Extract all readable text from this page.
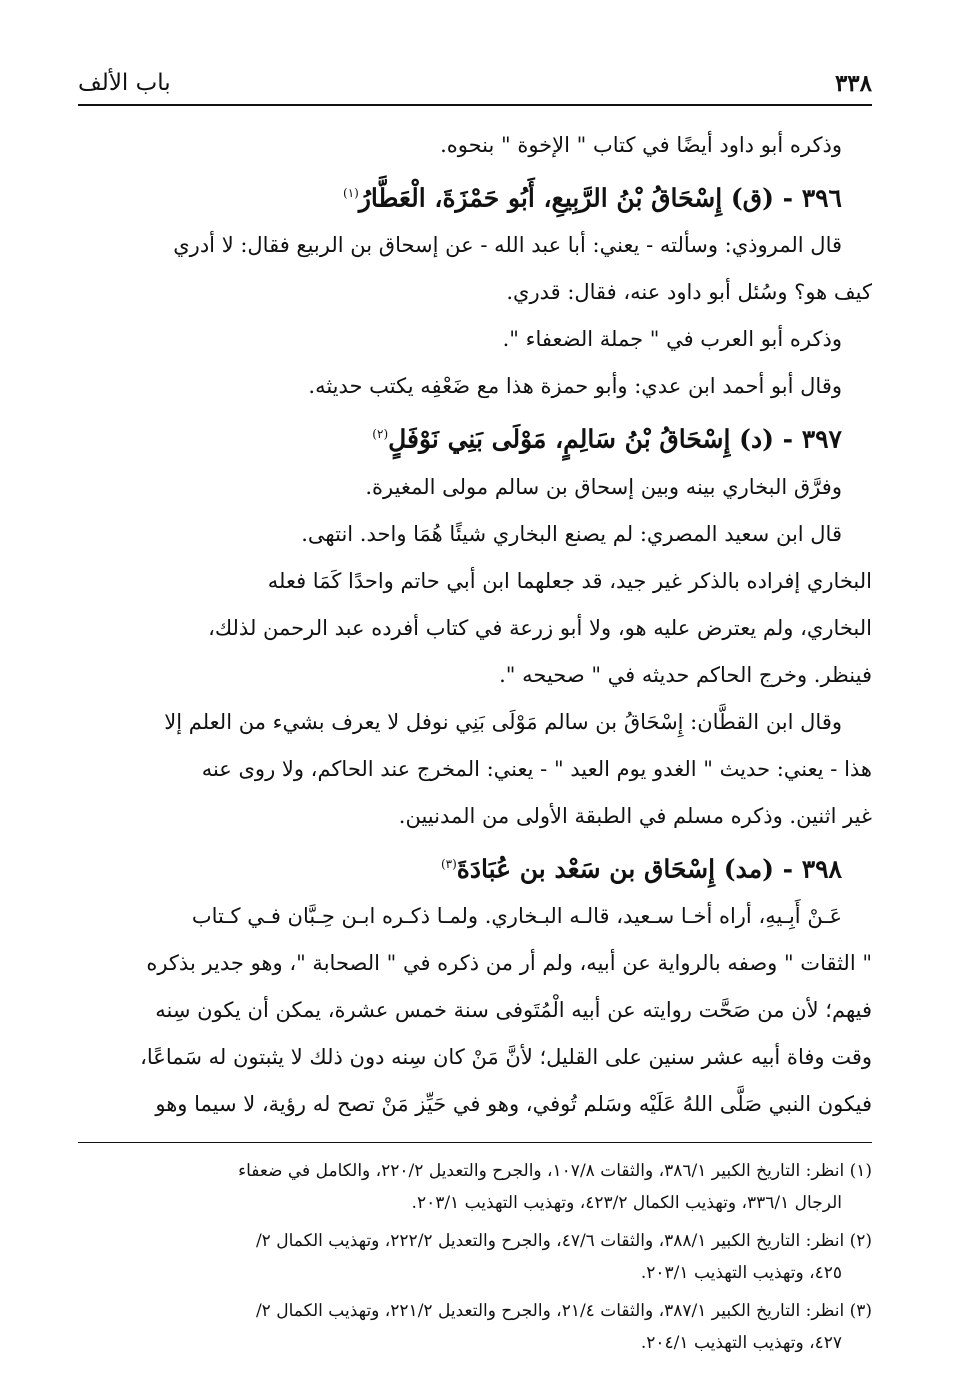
٣٣٨
باب الألف

وذكره أبو داود أيضًا في كتاب " الإخوة " بنحوه.

٣٩٦ - (ق) إِسْحَاقُ بْنُ الرَّبِيعِ، أَبُو حَمْزَةَ، الْعَطَّارُ$^{(١)}$

قال المروذي: وسألته - يعني: أبا عبد الله - عن إسحاق بن الربيع فقال: لا أدري

كيف هو؟ وسُئل أبو داود عنه، فقال: قدري.

وذكره أبو العرب في " جملة الضعفاء ".

وقال أبو أحمد ابن عدي: وأبو حمزة هذا مع ضَعْفِه يكتب حديثه.

٣٩٧ - (د) إِسْحَاقُ بْنُ سَالِمٍ، مَوْلَى بَنِي نَوْفَلٍ$^{(٢)}$

وفرَّق البخاري بينه وبين إسحاق بن سالم مولى المغيرة.

قال ابن سعيد المصري: لم يصنع البخاري شيئًا هُمَا واحد. انتهى.

البخاري إفراده بالذكر غير جيد، قد جعلهما ابن أبي حاتم واحدًا كَمَا فعله

البخاري، ولم يعترض عليه هو، ولا أبو زرعة في كتاب أفرده عبد الرحمن لذلك،

فينظر. وخرج الحاكم حديثه في " صحيحه ".

وقال ابن القطَّان: إِسْحَاقُ بن سالم مَوْلَى بَنِي نوفل لا يعرف بشيء من العلم إلا

هذا - يعني: حديث " الغدو يوم العيد " - يعني: المخرج عند الحاكم، ولا روى عنه

غير اثنين. وذكره مسلم في الطبقة الأولى من المدنيين.

٣٩٨ - (مد) إِسْحَاق بن سَعْد بن عُبَادَةَ$^{(٣)}$

عَـنْ أَبِـيهِ، أراه أخـا سـعيد، قالـه البـخاري. ولمـا ذكـره ابـن حِـبَّان فـي كـتاب

" الثقات " وصفه بالرواية عن أبيه، ولم أر من ذكره في " الصحابة "، وهو جدير بذكره

فيهم؛ لأن من صَحَّت روايته عن أبيه الْمُتَوفى سنة خمس عشرة، يمكن أن يكون سِنه

وقت وفاة أبيه عشر سنين على القليل؛ لأنَّ مَنْ كان سِنه دون ذلك لا يثبتون له سَماعًا،

فيكون النبي صَلَّى اللهُ عَلَيْه وسَلم تُوفي، وهو في حَيِّز مَنْ تصح له رؤية، لا سيما وهو

(١) انظر: التاريخ الكبير ٣٨٦/١، والثقات ١٠٧/٨، والجرح والتعديل ٢٢٠/٢، والكامل في ضعفاء
الرجال ٣٣٦/١، وتهذيب الكمال ٤٢٣/٢، وتهذيب التهذيب ٢٠٣/١.

(٢) انظر: التاريخ الكبير ٣٨٨/١، والثقات ٤٧/٦، والجرح والتعديل ٢٢٢/٢، وتهذيب الكمال ٢/
٤٢٥، وتهذيب التهذيب ٢٠٣/١.

(٣) انظر: التاريخ الكبير ٣٨٧/١، والثقات ٢١/٤، والجرح والتعديل ٢٢١/٢، وتهذيب الكمال ٢/
٤٢٧، وتهذيب التهذيب ٢٠٤/١.
